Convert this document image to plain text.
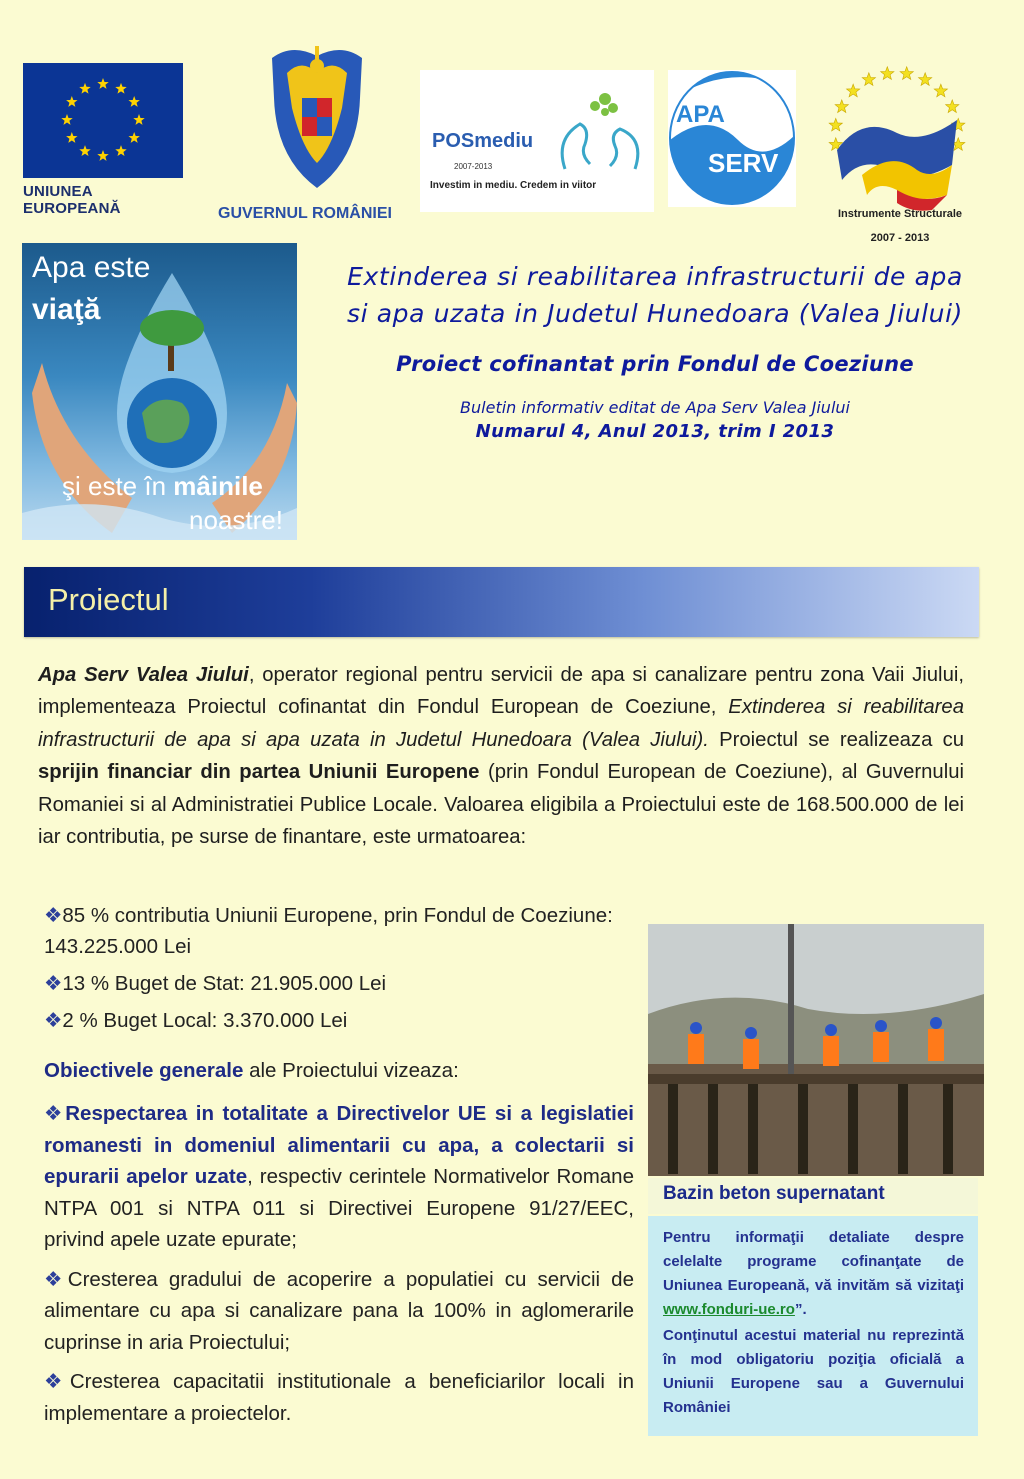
UNIUNEA EUROPEANĂ	GUVERNUL ROMÂNIEI
POSmediu
2007-2013
Investim in mediu. Credem in viitor
APA
SERV
Instrumente Structurale
2007 - 2013
Apa este
viaţă
şi este în mâinile
noastre!
Extinderea si reabilitarea infrastructurii de apa si apa uzata in Judetul Hunedoara (Valea Jiului)
Proiect cofinantat prin Fondul de Coeziune
Buletin informativ editat de Apa Serv Valea Jiului
Numarul 4, Anul 2013, trim I 2013
Proiectul
Apa Serv Valea Jiului, operator regional pentru servicii de apa si canalizare pentru zona Vaii Jiului, implementeaza Proiectul cofinantat din Fondul European de Coeziune, Extinderea si reabilitarea infrastructurii de apa si apa uzata in Judetul Hunedoara (Valea Jiului). Proiectul se realizeaza cu sprijin financiar din partea Uniunii Europene (prin Fondul European de Coeziune), al Guvernului Romaniei si al Administratiei Publice Locale. Valoarea eligibila a Proiectului este de 168.500.000 de lei iar contributia, pe surse de finantare, este urmatoarea:
❖85 % contributia Uniunii Europene, prin Fondul de Coeziune: 143.225.000 Lei
❖13 % Buget de Stat: 21.905.000 Lei
❖2 % Buget Local: 3.370.000 Lei
Obiectivele generale ale Proiectului vizeaza:
❖Respectarea in totalitate a Directivelor UE si a legislatiei romanesti in domeniul alimentarii cu apa, a colectarii si epurarii apelor uzate, respectiv cerintele Normativelor Romane NTPA 001 si NTPA 011 si Directivei Europene 91/27/EEC, privind apele uzate epurate;
❖Cresterea gradului de acoperire a populatiei cu servicii de alimentare cu apa si canalizare pana la 100% in aglomerarile cuprinse in aria Proiectului;
❖Cresterea capacitatii institutionale a beneficiarilor locali in implementare a proiectelor.
Bazin beton supernatant

Pentru informaţii detaliate despre celelalte programe cofinanţate de Uniunea Europeană, vă invităm să vizitaţi www.fonduri-ue.ro”.

Conţinutul acestui material nu reprezintă în mod obligatoriu poziţia oficială a Uniunii Europene sau a Guvernului României
